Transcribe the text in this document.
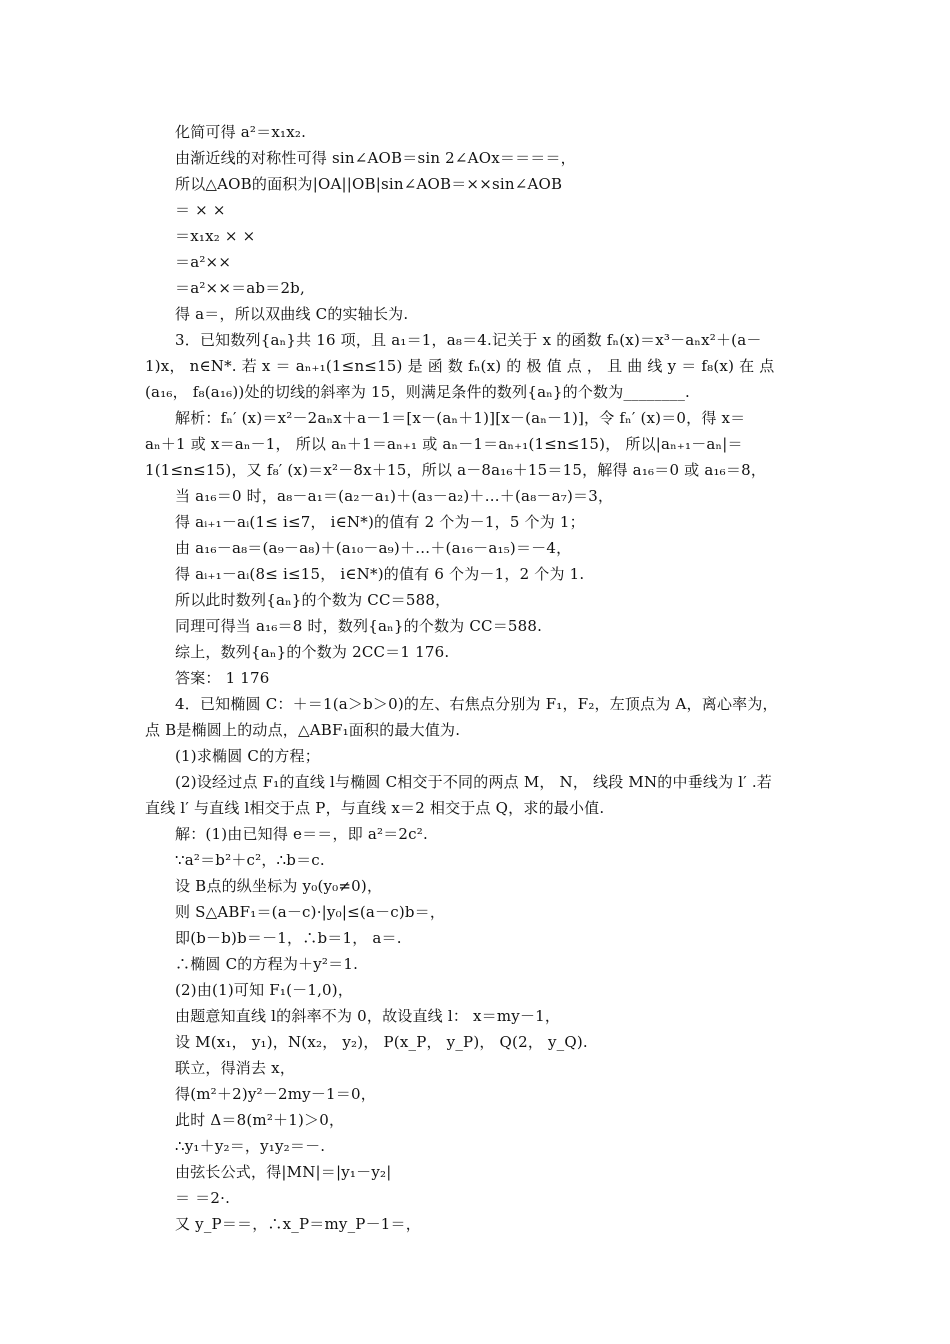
化简可得 a²＝x₁x₂.
由渐近线的对称性可得 sin∠AOB＝sin 2∠AOx＝＝＝＝，
所以△AOB的面积为|OA||OB|sin∠AOB＝××sin∠AOB
＝ × ×
＝x₁x₂ × ×
＝a²××
＝a²××＝ab＝2b,
得 a＝，所以双曲线 C的实轴长为.
3．已知数列{aₙ}共 16 项，且 a₁＝1，a₈＝4.记关于 x 的函数 fₙ(x)＝x³－aₙx²＋(a－
1)x， n∈N*. 若 x ＝ aₙ₊₁(1≤n≤15) 是 函 数 fₙ(x) 的 极 值 点 ， 且 曲 线 y ＝ f₈(x) 在 点
(a₁₆， f₈(a₁₆))处的切线的斜率为 15，则满足条件的数列{aₙ}的个数为________.
解析：fₙ′ (x)＝x²－2aₙx＋a－1＝[x－(aₙ＋1)][x－(aₙ－1)]，令 fₙ′ (x)＝0，得 x＝
aₙ＋1 或 x＝aₙ－1， 所以 aₙ＋1＝aₙ₊₁ 或 aₙ－1＝aₙ₊₁(1≤n≤15)， 所以|aₙ₊₁－aₙ|＝
1(1≤n≤15)，又 f₈′ (x)＝x²－8x＋15，所以 a－8a₁₆＋15＝15，解得 a₁₆＝0 或 a₁₆＝8，
当 a₁₆＝0 时，a₈－a₁＝(a₂－a₁)＋(a₃－a₂)＋…＋(a₈－a₇)＝3，
得 aᵢ₊₁－aᵢ(1≤ i≤7， i∈N*)的值有 2 个为－1，5 个为 1；
由 a₁₆－a₈＝(a₉－a₈)＋(a₁₀－a₉)＋…＋(a₁₆－a₁₅)＝－4，
得 aᵢ₊₁－aᵢ(8≤ i≤15， i∈N*)的值有 6 个为－1，2 个为 1.
所以此时数列{aₙ}的个数为 CC＝588，
同理可得当 a₁₆＝8 时，数列{aₙ}的个数为 CC＝588.
综上，数列{aₙ}的个数为 2CC＝1 176.
答案： 1 176
4．已知椭圆 C：＋＝1(a＞b＞0)的左、右焦点分别为 F₁，F₂，左顶点为 A，离心率为，
点 B是椭圆上的动点，△ABF₁面积的最大值为.
(1)求椭圆 C的方程；
(2)设经过点 F₁的直线 l与椭圆 C相交于不同的两点 M， N， 线段 MN的中垂线为 l′ .若
直线 l′ 与直线 l相交于点 P，与直线 x＝2 相交于点 Q，求的最小值.
解：(1)由已知得 e＝＝，即 a²＝2c².
∵a²＝b²＋c²，∴b＝c.
设 B点的纵坐标为 y₀(y₀≠0)，
则 S△ABF₁＝(a－c)·|y₀|≤(a－c)b＝，
即(b－b)b＝－1，∴b＝1， a＝.
∴椭圆 C的方程为＋y²＝1.
(2)由(1)可知 F₁(－1,0)，
由题意知直线 l的斜率不为 0，故设直线 l： x＝my－1，
设 M(x₁， y₁)，N(x₂， y₂)， P(x_P， y_P)， Q(2， y_Q).
联立，得消去 x，
得(m²＋2)y²－2my－1＝0，
此时 Δ＝8(m²＋1)＞0，
∴y₁＋y₂＝，y₁y₂＝－.
由弦长公式，得|MN|＝|y₁－y₂|
＝ ＝2·.
又 y_P＝＝，∴x_P＝my_P－1＝，
